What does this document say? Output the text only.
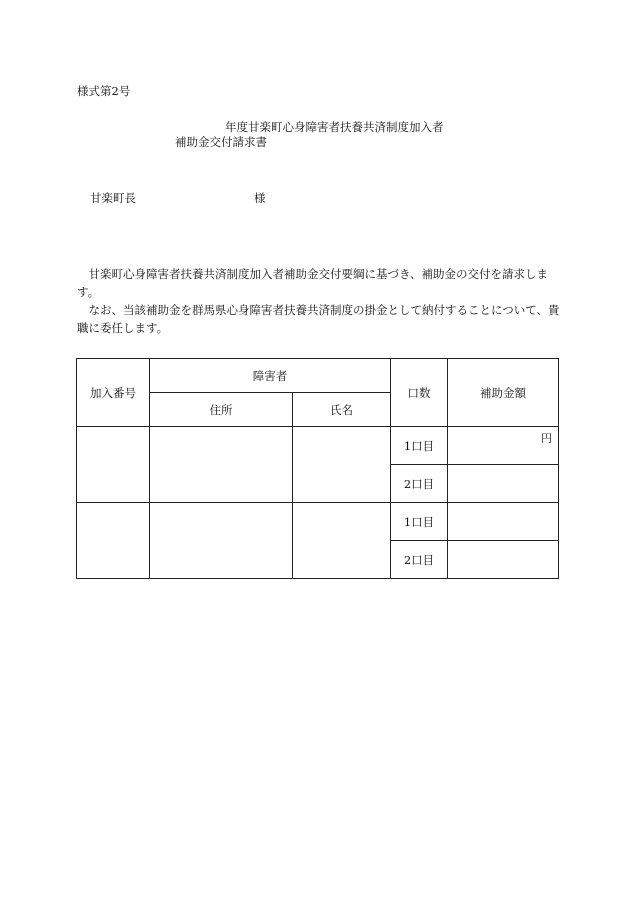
様式第2号
年度甘楽町心身障害者扶養共済制度加入者
補助金交付請求書
甘楽町長	様

甘楽町心身障害者扶養共済制度加入者補助金交付要綱に基づき、補助金の交付を請求します。

なお、当該補助金を群馬県心身障害者扶養共済制度の掛金として納付することについて、貴職に委任します。

加入番号	障害者		口数	補助金額
	住所	氏名		
			1口目	円

			2口目	
			1口目	
			2口目	
